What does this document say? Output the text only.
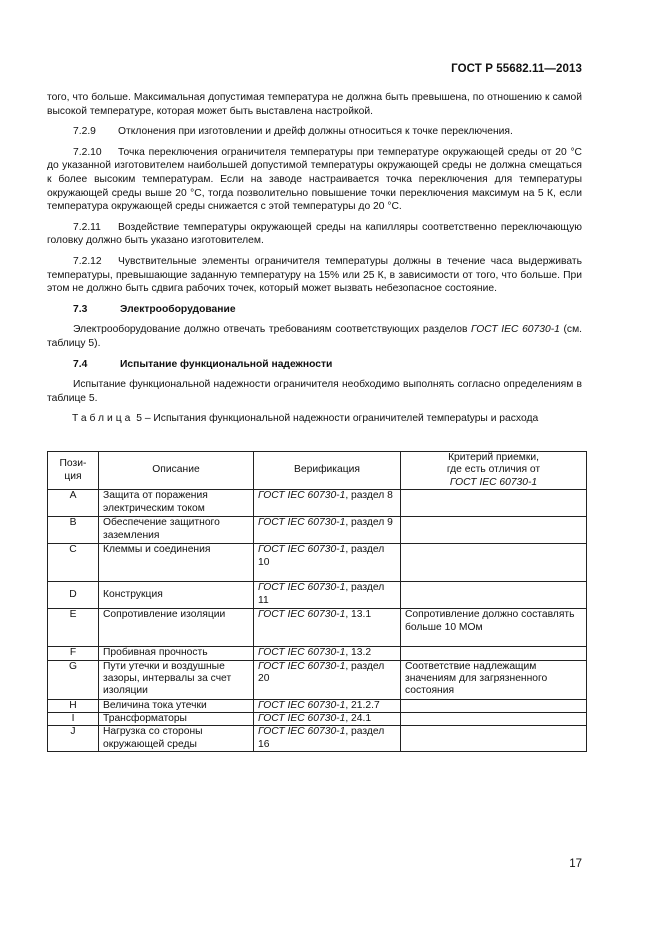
ГОСТ Р 55682.11—2013

того, что больше. Максимальная допустимая температура не должна быть превышена, по отношению к самой высокой температуре, которая может быть выставлена настройкой.

7.2.9 Отклонения при изготовлении и дрейф должны относиться к точке переключения.

7.2.10 Точка переключения ограничителя температуры при температуре окружающей среды от 20 °С до указанной изготовителем наибольшей допустимой температуры окружающей среды не должна смещаться к более высоким температурам. Если на заводе настраивается точка переключения для температуры окружающей среды выше 20 °С, тогда позволительно повышение точки переключения максимум на 5 К, если температура окружающей среды снижается с этой температуры до 20 °С.

7.2.11 Воздействие температуры окружающей среды на капилляры соответственно переключающую головку должно быть указано изготовителем.

7.2.12 Чувствительные элементы ограничителя температуры должны в течение часа выдерживать температуры, превышающие заданную температуру на 15% или 25 К, в зависимости от того, что больше. При этом не должно быть сдвига рабочих точек, который может вызвать небезопасное состояние.

7.3	Электрооборудование

Электрооборудование должно отвечать требованиям соответствующих разделов ГОСТ IEC 60730-1 (см. таблицу 5).

7.4	Испытание функциональной надежности

Испытание функциональной надежности ограничителя необходимо выполнять согласно определениям в таблице 5.

Таблица 5 – Испытания функциональной надежности ограничителей темпераtуры и расхода
Пози-ция	Описание	Верификация	Критерий приемки,
где есть отличия от
ГОСТ IEC 60730-1
A	Защита от поражения электрическим током	ГОСТ IEC 60730-1, раздел 8	
B	Обеспечение защитного заземления	ГОСТ IEC 60730-1, раздел 9	
C	Клеммы и соединения	ГОСТ IEC 60730-1, раздел 10	
D	Конструкция	ГОСТ IEC 60730-1, раздел 11	
E	Сопротивление изоляции	ГОСТ IEC 60730-1, 13.1	Сопротивление должно составлять больше 10 МОм
F	Пробивная прочность	ГОСТ IEC 60730-1, 13.2	
G	Пути утечки и воздушные зазоры, интервалы за счет изоляции	ГОСТ IEC 60730-1, раздел 20	Соответствие надлежащим значениям для загрязненного состояния
H	Величина тока утечки	ГОСТ IEC 60730-1, 21.2.7	
I	Трансформаторы	ГОСТ IEC 60730-1, 24.1	
J	Нагрузка со стороны окружающей среды	ГОСТ IEC 60730-1, раздел 16	
17
